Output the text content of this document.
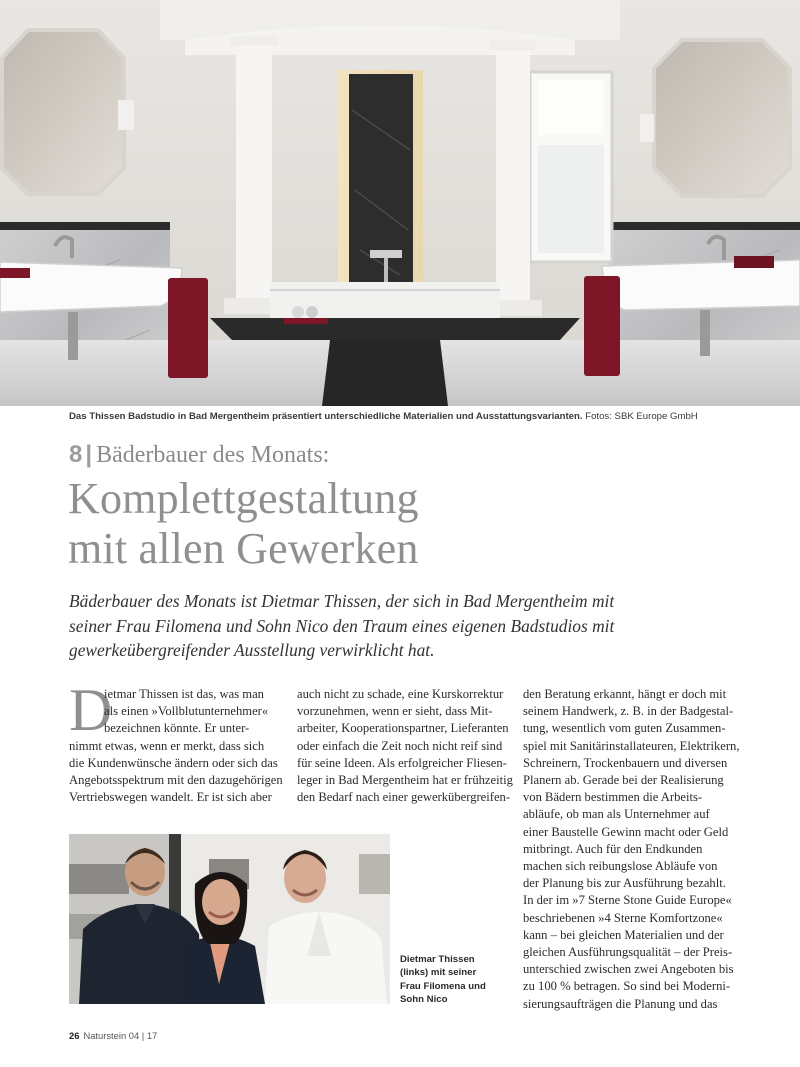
Das Thissen Badstudio in Bad Mergentheim präsentiert unterschiedliche Materialien und Ausstattungsvarianten. Fotos: SBK Europe GmbH
8 | Bäderbauer des Monats:
Komplettgestaltung
mit allen Gewerken
Bäderbauer des Monats ist Dietmar Thissen, der sich in Bad Mergentheim mit
seiner Frau Filomena und Sohn Nico den Traum eines eigenen Badstudios mit
gewerkeübergreifender Ausstellung verwirklicht hat.
D
ietmar Thissen ist das, was man
als einen »Vollblutunternehmer«
bezeichnen könnte. Er unter-
nimmt etwas, wenn er merkt, dass sich
die Kundenwünsche ändern oder sich das
Angebotsspektrum mit den dazugehörigen
Vertriebswegen wandelt. Er ist sich aber
auch nicht zu schade, eine Kurskorrektur
vorzunehmen, wenn er sieht, dass Mit-
arbeiter, Kooperationspartner, Lieferanten
oder einfach die Zeit noch nicht reif sind
für seine Ideen. Als erfolgreicher Fliesen-
leger in Bad Mergentheim hat er frühzeitig
den Bedarf nach einer gewerkübergreifen-
den Beratung erkannt, hängt er doch mit
seinem Handwerk, z. B. in der Badgestal-
tung, wesentlich vom guten Zusammen-
spiel mit Sanitärinstallateuren, Elektrikern,
Schreinern, Trockenbauern und diversen
Planern ab. Gerade bei der Realisierung
von Bädern bestimmen die Arbeits-
abläufe, ob man als Unternehmer auf
einer Baustelle Gewinn macht oder Geld
mitbringt. Auch für den Endkunden
machen sich reibungslose Abläufe von
der Planung bis zur Ausführung bezahlt.
In der im »7 Sterne Stone Guide Europe«
beschriebenen »4 Sterne Komfortzone«
kann – bei gleichen Materialien und der
gleichen Ausführungsqualität – der Preis-
unterschied zwischen zwei Angeboten bis
zu 100 % betragen. So sind bei Moderni-
sierungsaufträgen die Planung und das
Dietmar Thissen
(links) mit seiner
Frau Filomena und
Sohn Nico
26 Naturstein 04 | 17
